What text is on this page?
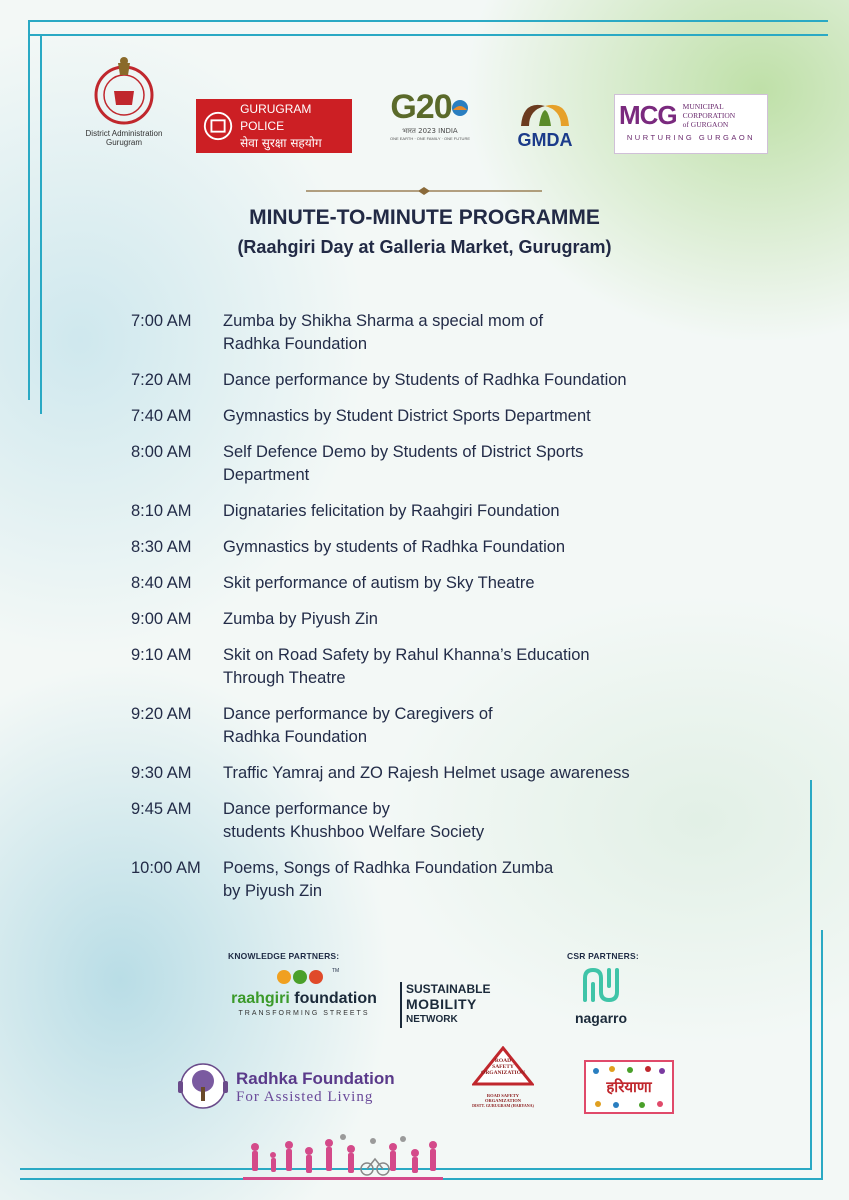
District Administration
Gurugram
GURUGRAM POLICE
सेवा सुरक्षा सहयोग
G20
भारत 2023 INDIA
ONE EARTH · ONE FAMILY · ONE FUTURE	GMDA
MCG MUNICIPAL
CORPORATION
of GURGAON
NURTURING GURGAON
MINUTE-TO-MINUTE PROGRAMME
(Raahgiri Day at Galleria Market, Gurugram)
7:00 AM	Zumba by Shikha Sharma a special mom of
Radhka Foundation
7:20 AM	Dance performance by Students of Radhka Foundation
7:40 AM	Gymnastics by Student District Sports Department
8:00 AM	Self Defence Demo by Students of District Sports
Department
8:10 AM	Dignataries felicitation by Raahgiri Foundation
8:30 AM	Gymnastics by students of Radhka Foundation
8:40 AM	Skit performance of autism by Sky Theatre
9:00 AM	Zumba by Piyush Zin
9:10 AM	Skit on Road Safety by Rahul Khanna’s Education
Through Theatre
9:20 AM	Dance performance by Caregivers of
Radhka Foundation
9:30 AM	Traffic Yamraj and ZO Rajesh Helmet usage awareness
9:45 AM	Dance performance by
students Khushboo Welfare Society
10:00 AM	Poems, Songs of Radhka Foundation Zumba
by Piyush Zin
KNOWLEDGE PARTNERS:	CSR PARTNERS:
TM
raahgiri foundation
TRANSFORMING STREETS
SUSTAINABLE
MOBILITY
NETWORK	nagarro
Radhka Foundation
For Assisted Living
ROAD
SAFETY
ORGANIZATION
ROAD SAFETY ORGANIZATION
DISTT. GURUGRAM (HARYANA)
हरियाणा
